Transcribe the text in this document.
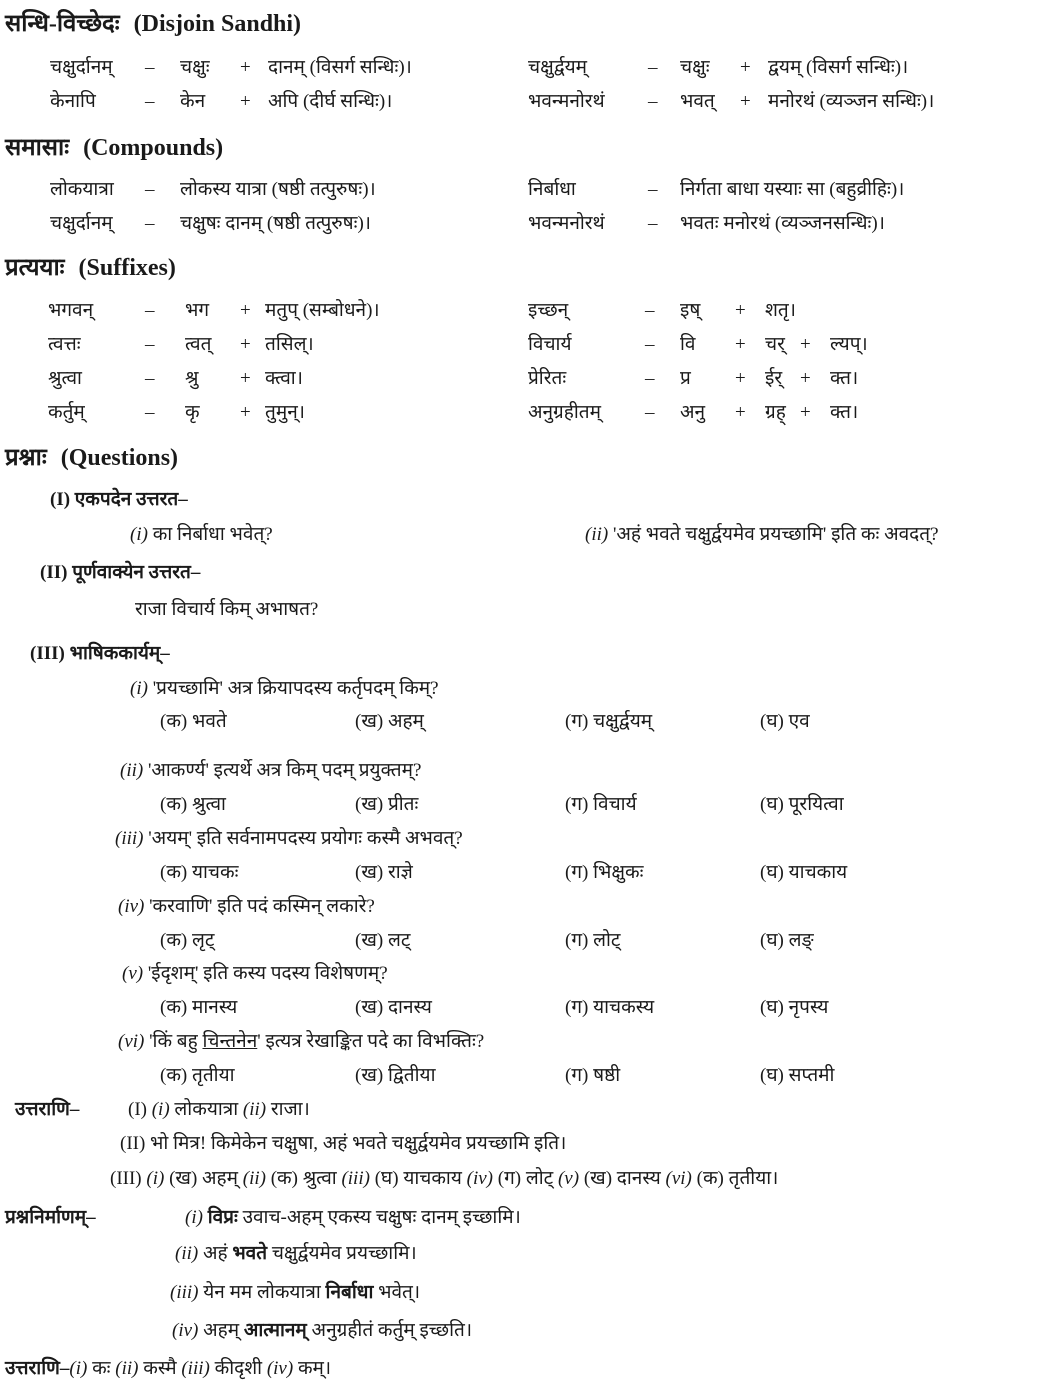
सन्धि-विच्छेदः (Disjoin Sandhi)
चक्षुर्दानम् – चक्षुः + दानम् (विसर्ग सन्धिः)।	चक्षुर्द्वयम्	– चक्षुः + द्वयम् (विसर्ग सन्धिः)।
केनापि	– केन + अपि (दीर्घ सन्धिः)।	भवन्मनोरथं – भवत् + मनोरथं (व्यञ्जन सन्धिः)।
समासाः (Compounds)
लोकयात्रा – लोकस्य यात्रा (षष्ठी तत्पुरुषः)।	निर्बाधा	– निर्गता बाधा यस्याः सा (बहुव्रीहिः)।
चक्षुर्दानम् – चक्षुषः दानम् (षष्ठी तत्पुरुषः)।	भवन्मनोरथं – भवतः मनोरथं (व्यञ्जनसन्धिः)।
प्रत्ययाः (Suffixes)
भगवन्	– भग + मतुप् (सम्बोधने)।	इच्छन्	– इष् + शतृ।
त्वत्तः	– त्वत् + तसिल्।	विचार्य	– वि + चर् + ल्यप्।
श्रुत्वा	– श्रु + क्त्वा।	प्रेरितः	– प्र + ईर् + क्त।
कर्तुम्	– कृ + तुमुन्।	अनुग्रहीतम् – अनु + ग्रह् + क्त।
प्रश्नाः (Questions)
(I) एकपदेन उत्तरत–
(i) का निर्बाधा भवेत्?	(ii) 'अहं भवते चक्षुर्द्वयमेव प्रयच्छामि' इति कः अवदत्?
(II) पूर्णवाक्येन उत्तरत–
राजा विचार्य किम् अभाषत?
(III) भाषिककार्यम्–
(i) 'प्रयच्छामि' अत्र क्रियापदस्य कर्तृपदम् किम्?
(ii) 'आकर्ण्य' इत्यर्थे अत्र किम् पदम् प्रयुक्तम्?
(iii) 'अयम्' इति सर्वनामपदस्य प्रयोगः कस्मै अभवत्?
(iv) 'करवाणि' इति पदं कस्मिन् लकारे?
(v) 'ईदृशम्' इति कस्य पदस्य विशेषणम्?
(vi) 'किं बहु चिन्तनेन' इत्यत्र रेखाङ्कित पदे का विभक्तिः?
(क) भवते	(ख) अहम्	(ग) चक्षुर्द्वयम्	(घ) एव
(क) श्रुत्वा	(ख) प्रीतः	(ग) विचार्य	(घ) पूरयित्वा
(क) याचकः	(ख) राज्ञे	(ग) भिक्षुकः	(घ) याचकाय
(क) लृट्	(ख) लट्	(ग) लोट्	(घ) लङ्
(क) मानस्य	(ख) दानस्य	(ग) याचकस्य	(घ) नृपस्य
(क) तृतीया	(ख) द्वितीया	(ग) षष्ठी	(घ) सप्तमी
उत्तराणि–	(I) (i) लोकयात्रा (ii) राजा।
(II) भो मित्र! किमेकेन चक्षुषा, अहं भवते चक्षुर्द्वयमेव प्रयच्छामि इति।
(III) (i) (ख) अहम् (ii) (क) श्रुत्वा (iii) (घ) याचकाय (iv) (ग) लोट् (v) (ख) दानस्य (vi) (क) तृतीया।
प्रश्ननिर्माणम्–	(i) विप्रः उवाच-अहम् एकस्य चक्षुषः दानम् इच्छामि।
(ii) अहं भवते चक्षुर्द्वयमेव प्रयच्छामि।
(iii) येन मम लोकयात्रा निर्बाधा भवेत्।
(iv) अहम् आत्मानम् अनुग्रहीतं कर्तुम् इच्छति।
उत्तराणि–(i) कः (ii) कस्मै (iii) कीदृशी (iv) कम्।
